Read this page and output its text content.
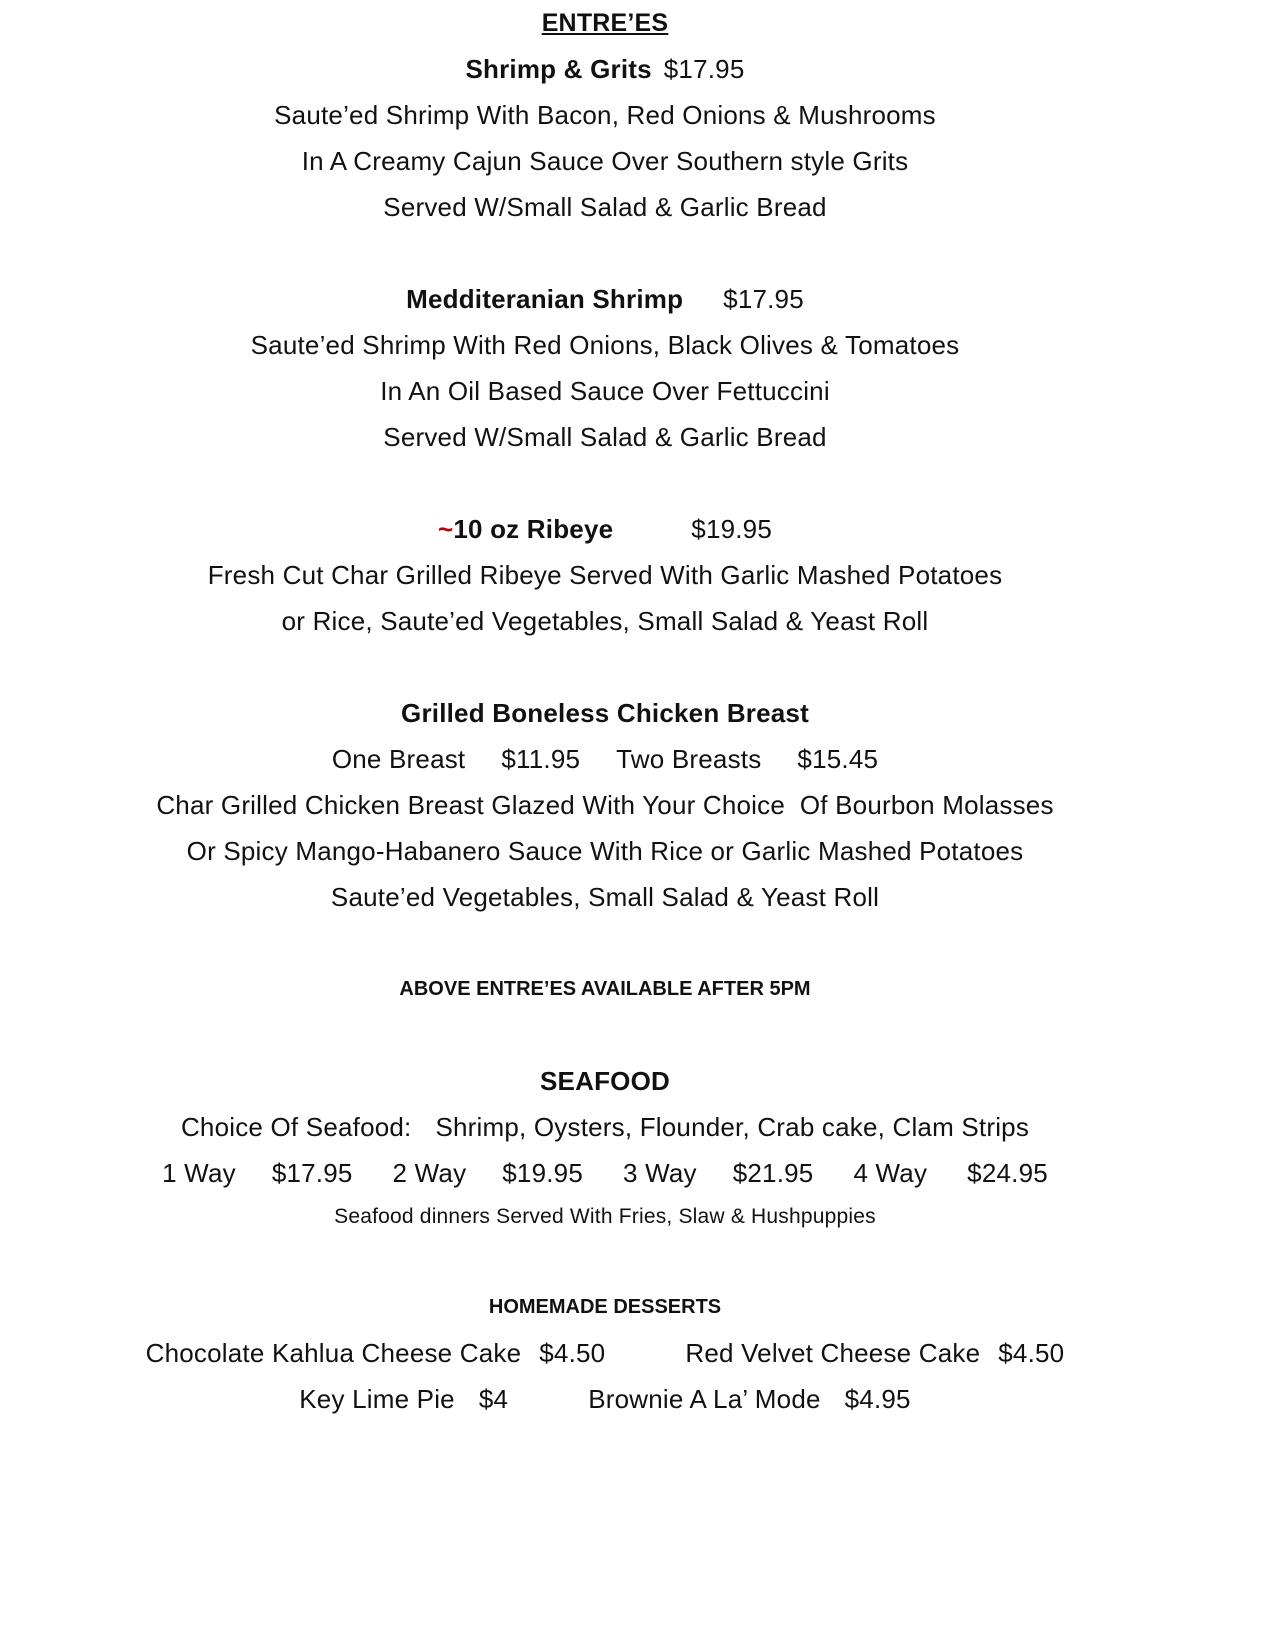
ENTRE’ES
Shrimp & Grits $17.95
Saute’ed Shrimp With Bacon, Red Onions & Mushrooms
In A Creamy Cajun Sauce Over Southern style Grits
Served W/Small Salad & Garlic Bread
Medditeranian Shrimp $17.95
Saute’ed Shrimp With Red Onions, Black Olives & Tomatoes
In An Oil Based Sauce Over Fettuccini
Served W/Small Salad & Garlic Bread
~10 oz Ribeye	$19.95
Fresh Cut Char Grilled Ribeye Served With Garlic Mashed Potatoes
or Rice, Saute’ed Vegetables, Small Salad & Yeast Roll
Grilled Boneless Chicken Breast
One Breast $11.95 Two Breasts $15.45
Char Grilled Chicken Breast Glazed With Your Choice  Of Bourbon Molasses
Or Spicy Mango-Habanero Sauce With Rice or Garlic Mashed Potatoes
Saute’ed Vegetables, Small Salad & Yeast Roll
ABOVE ENTRE’ES AVAILABLE AFTER 5PM
SEAFOOD
Choice Of Seafood: Shrimp, Oysters, Flounder, Crab cake, Clam Strips
1 Way $17.95 2 Way $19.95 3 Way $21.95 4 Way $24.95
Seafood dinners Served With Fries, Slaw & Hushpuppies
HOMEMADE DESSERTS
Chocolate Kahlua Cheese Cake $4.50	Red Velvet Cheese Cake $4.50
Key Lime Pie $4	Brownie A La’ Mode $4.95
